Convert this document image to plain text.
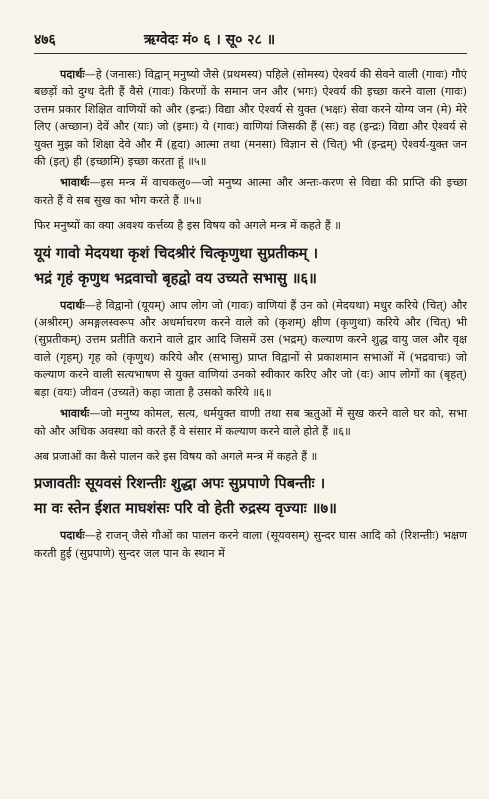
४७६	ऋग्वेदः मं० ६ । सू० २८ ॥

पदार्थः—हे (जनासः) विद्वान् मनुष्यो जैसे (प्रथमस्य) पहिले (सोमस्य) ऐश्वर्य की सेवने वाली (गावः) गौएं बछड़ों को दुग्ध देती हैं वैसे (गावः) किरणों के समान जन और (भगः) ऐश्वर्य की इच्छा करने वाला (गावः) उत्तम प्रकार शिक्षित वाणियों को और (इन्द्रः) विद्या और ऐश्वर्य से युक्त (भक्षः) सेवा करने योग्य जन (मे) मेरे लिए (अच्छान) देवें और (याः) जो (इमाः) ये (गावः) वाणियां जिसकी हैं (सः) वह (इन्द्रः) विद्या और ऐश्वर्य से युक्त मुझ को शिक्षा देवे और मैं (हृदा) आत्मा तथा (मनसा) विज्ञान से (चित्) भी (इन्द्रम्) ऐश्वर्य-युक्त जन की (इत्) ही (इच्छामि) इच्छा करता हूं ॥५॥

भावार्थः—इस मन्त्र में वाचकलु०—जो मनुष्य आत्मा और अन्तः-करण से विद्या की प्राप्ति की इच्छा करते हैं वे सब सुख का भोग करते हैं ॥५॥

फिर मनुष्यों का क्या अवश्य कर्त्तव्य है इस विषय को अगले मन्त्र में कहते हैं ॥

यूयं गावो मेदयथा कृशं चिदश्रीरं चित्कृणुथा सुप्रतीकम् ।

भद्रं गृहं कृणुथ भद्रवाचो बृहद्वो वय उच्यते सभासु ॥६॥

पदार्थः—हे विद्वानो (यूयम्) आप लोग जो (गावः) वाणियां हैं उन को (मेदयथा) मधुर करिये (चित्) और (अश्रीरम्) अमङ्गलस्वरूप और अधर्माचरण करने वाले को (कृशम्) क्षीण (कृणुथा) करिये और (चित्) भी (सुप्रतीकम्) उत्तम प्रतीति कराने वाले द्वार आदि जिसमें उस (भद्रम्) कल्याण करने शुद्ध वायु जल और वृक्ष वाले (गृहम्) गृह को (कृणुथ) करिये और (सभासु) प्राप्त विद्वानों से प्रकाशमान सभाओं में (भद्रवाचः) जो कल्याण करने वाली सत्यभाषण से युक्त वाणियां उनको स्वीकार करिए और जो (वः) आप लोगों का (बृहत्) बड़ा (वयः) जीवन (उच्यते) कहा जाता है उसको करिये ॥६॥

भावार्थः—जो मनुष्य कोमल, सत्य, धर्मयुक्त वाणी तथा सब ऋतुओं में सुख करने वाले घर को, सभा को और अधिक अवस्था को करते हैं वे संसार में कल्याण करने वाले होते हैं ॥६॥

अब प्रजाओं का कैसे पालन करे इस विषय को अगले मन्त्र में कहते हैं ॥

प्रजावतीः सूयवसं रिशन्तीः शुद्धा अपः सुप्रपाणे पिबन्तीः ।

मा वः स्तेन ईशत माघशंसः परि वो हेती रुद्रस्य वृज्याः ॥७॥

पदार्थः—हे राजन् जैसे गौओं का पालन करने वाला (सूयवसम्) सुन्दर घास आदि को (रिशन्तीः) भक्षण करती हुई (सुप्रपाणे) सुन्दर जल पान के स्थान में
